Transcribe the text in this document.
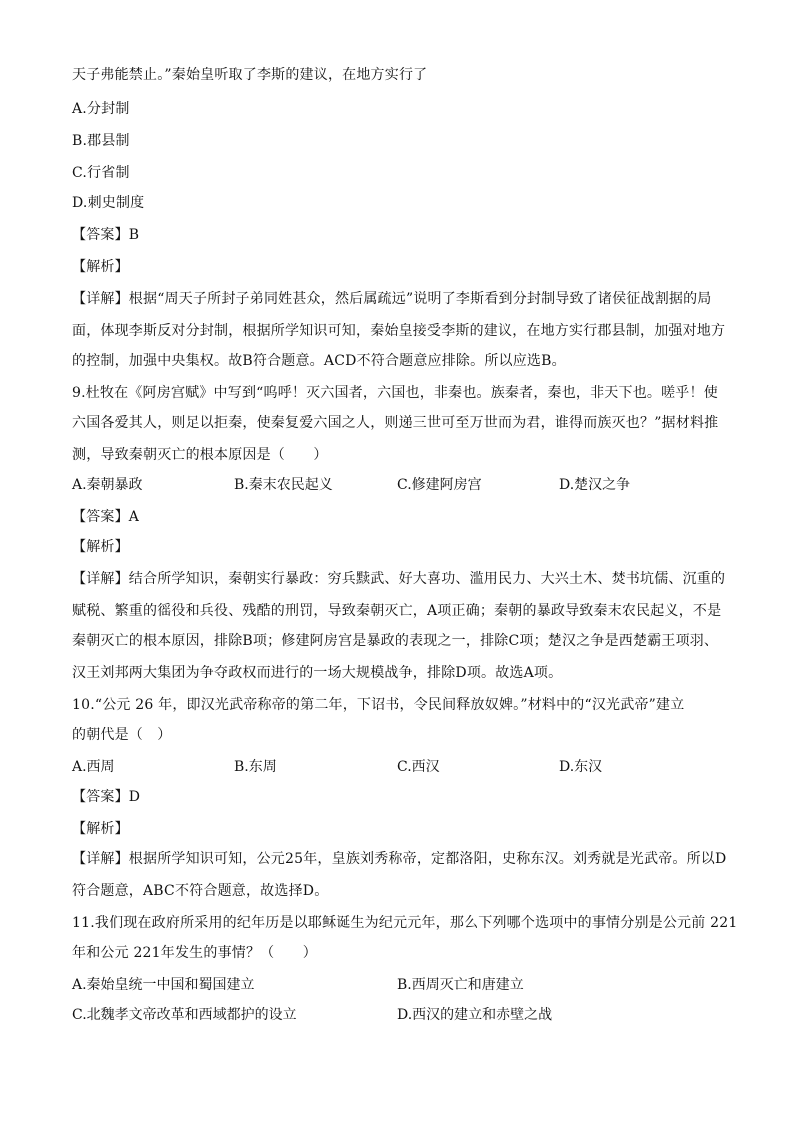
天子弗能禁止。”秦始皇听取了李斯的建议，在地方实行了
A.分封制
B.郡县制
C.行省制
D.刺史制度
【答案】B
【解析】
【详解】根据“周天子所封子弟同姓甚众，然后属疏远”说明了李斯看到分封制导致了诸侯征战割据的局
面，体现李斯反对分封制，根据所学知识可知，秦始皇接受李斯的建议，在地方实行郡县制，加强对地方
的控制，加强中央集权。故B符合题意。ACD不符合题意应排除。所以应选B。
9.杜牧在《阿房宫赋》中写到“呜呼！灭六国者，六国也，非秦也。族秦者，秦也，非天下也。嗟乎！使
六国各爱其人，则足以拒秦，使秦复爱六国之人，则递三世可至万世而为君，谁得而族灭也？”据材料推
测，导致秦朝灭亡的根本原因是（　　）
A.秦朝暴政	B.秦末农民起义	C.修建阿房宫	D.楚汉之争
【答案】A
【解析】
【详解】结合所学知识，秦朝实行暴政：穷兵黩武、好大喜功、滥用民力、大兴土木、焚书坑儒、沉重的
赋税、繁重的徭役和兵役、残酷的刑罚，导致秦朝灭亡，A项正确；秦朝的暴政导致秦末农民起义，不是
秦朝灭亡的根本原因，排除B项；修建阿房宫是暴政的表现之一，排除C项；楚汉之争是西楚霸王项羽、
汉王刘邦两大集团为争夺政权而进行的一场大规模战争，排除D项。故选A项。
10.“公元 26 年，即汉光武帝称帝的第二年，下诏书，令民间释放奴婢。”材料中的“汉光武帝”建立
的朝代是（　）
A.西周	B.东周	C.西汉	D.东汉
【答案】D
【解析】
【详解】根据所学知识可知，公元25年，皇族刘秀称帝，定都洛阳，史称东汉。刘秀就是光武帝。所以D
符合题意，ABC不符合题意，故选择D。
11.我们现在政府所采用的纪年历是以耶稣诞生为纪元元年，那么下列哪个选项中的事情分别是公元前 221
年和公元 221年发生的事情？（　　）
A.秦始皇统一中国和蜀国建立	B.西周灭亡和唐建立
C.北魏孝文帝改革和西域都护的设立	D.西汉的建立和赤壁之战
